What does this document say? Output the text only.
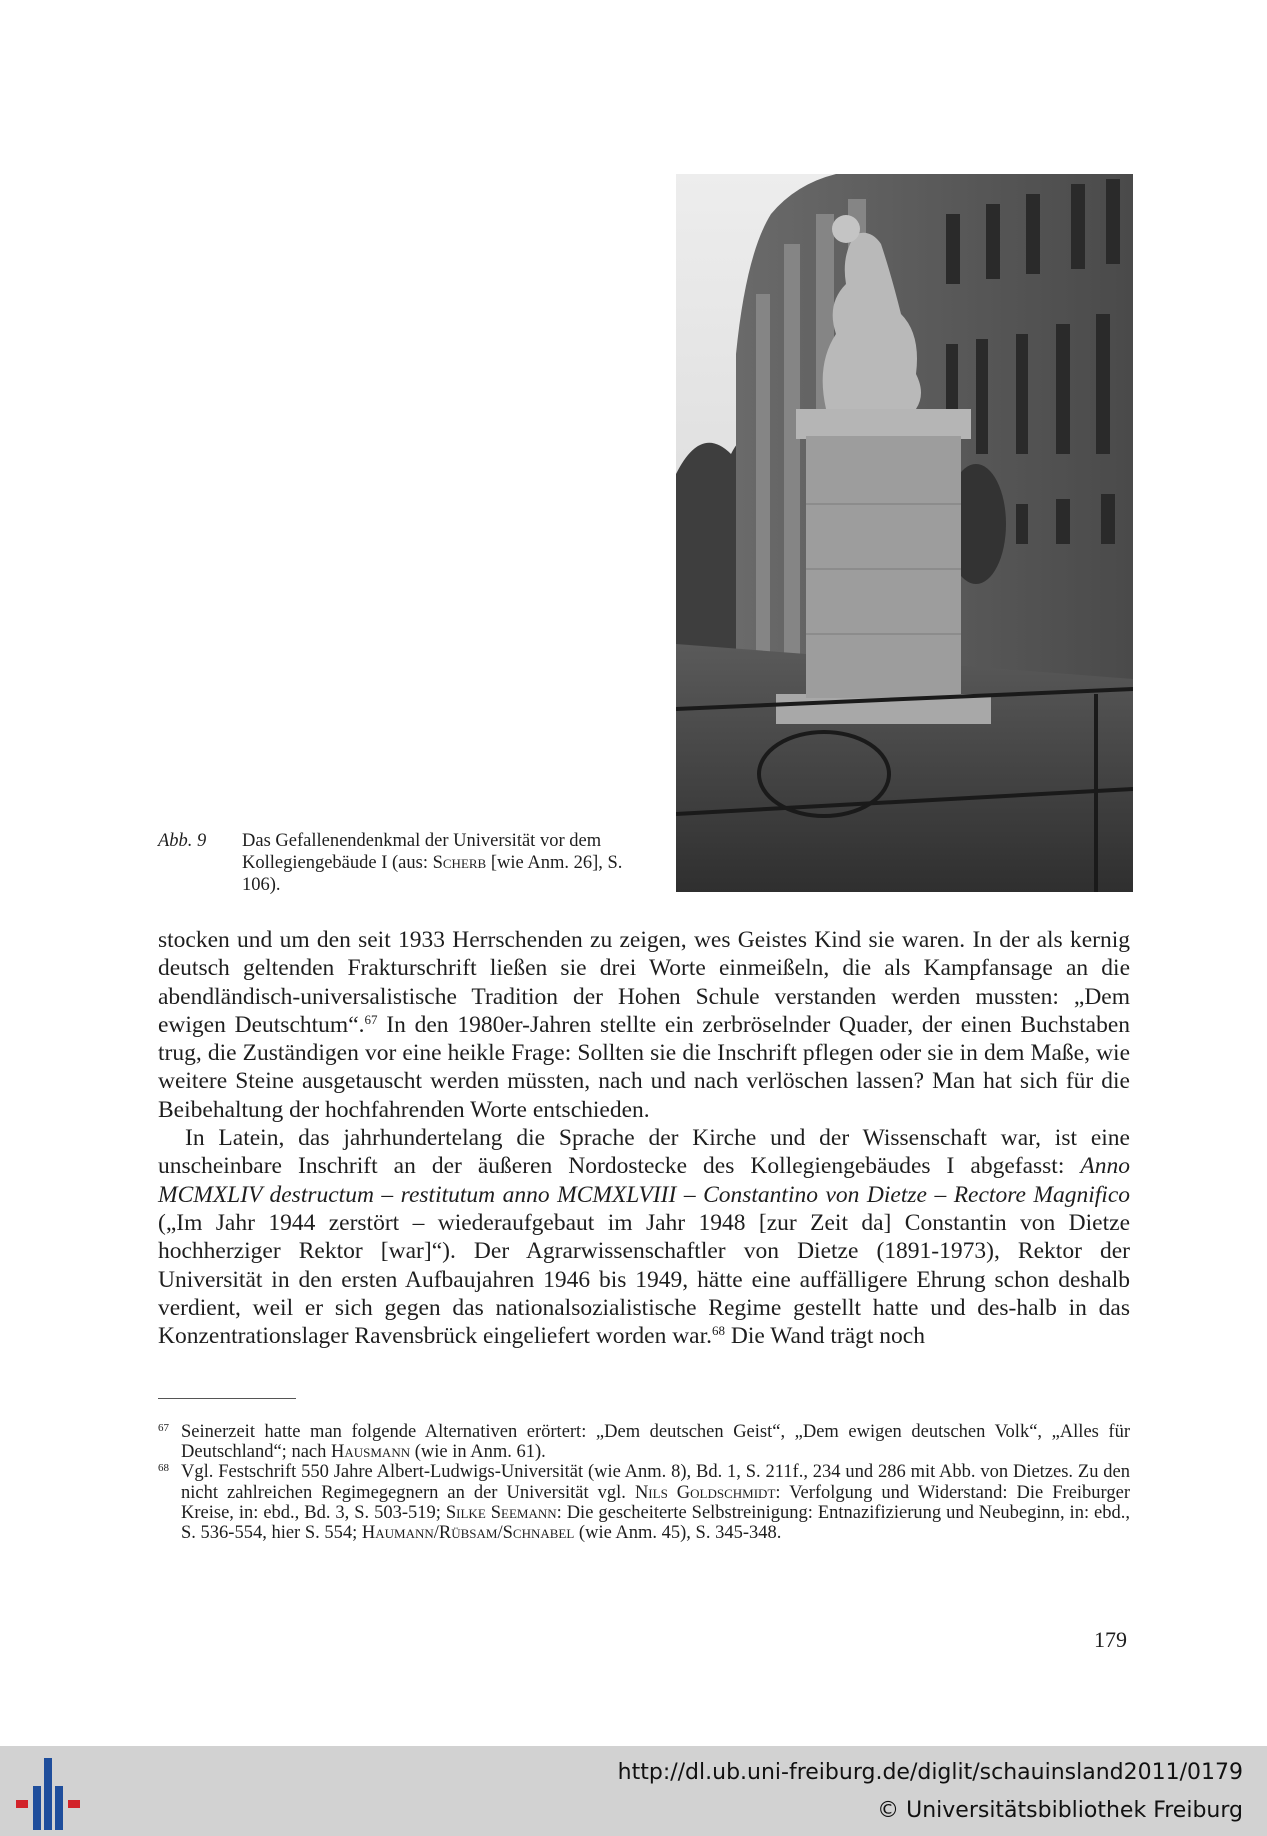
Abb. 9 Das Gefallenendenkmal der Universität vor dem Kollegiengebäude I (aus: Scherb [wie Anm. 26], S. 106).

stocken und um den seit 1933 Herrschenden zu zeigen, wes Geistes Kind sie waren. In der als kernig deutsch geltenden Frakturschrift ließen sie drei Worte einmeißeln, die als Kampfansage an die abendländisch-universalistische Tradition der Hohen Schule verstanden werden mussten: „Dem ewigen Deutschtum“.$^{67}$ In den 1980er-Jahren stellte ein zerbröselnder Quader, der einen Buchstaben trug, die Zuständigen vor eine heikle Frage: Sollten sie die Inschrift pflegen oder sie in dem Maße, wie weitere Steine ausgetauscht werden müssten, nach und nach verlöschen lassen? Man hat sich für die Beibehaltung der hochfahrenden Worte entschieden.

In Latein, das jahrhundertelang die Sprache der Kirche und der Wissenschaft war, ist eine unscheinbare Inschrift an der äußeren Nordostecke des Kollegiengebäudes I abgefasst: Anno MCMXLIV destructum – restitutum anno MCMXLVIII – Constantino von Dietze – Rectore Magnifico („Im Jahr 1944 zerstört – wiederaufgebaut im Jahr 1948 [zur Zeit da] Constantin von Dietze hochherziger Rektor [war]“). Der Agrarwissenschaftler von Dietze (1891-1973), Rektor der Universität in den ersten Aufbaujahren 1946 bis 1949, hätte eine auffälligere Ehrung schon deshalb verdient, weil er sich gegen das nationalsozialistische Regime gestellt hatte und des-halb in das Konzentrationslager Ravensbrück eingeliefert worden war.$^{68}$ Die Wand trägt noch

67 Seinerzeit hatte man folgende Alternativen erörtert: „Dem deutschen Geist“, „Dem ewigen deutschen Volk“, „Alles für Deutschland“; nach Hausmann (wie in Anm. 61).

68 Vgl. Festschrift 550 Jahre Albert-Ludwigs-Universität (wie Anm. 8), Bd. 1, S. 211f., 234 und 286 mit Abb. von Dietzes. Zu den nicht zahlreichen Regimegegnern an der Universität vgl. Nils Goldschmidt: Verfolgung und Widerstand: Die Freiburger Kreise, in: ebd., Bd. 3, S. 503-519; Silke Seemann: Die gescheiterte Selbstreinigung: Entnazifizierung und Neubeginn, in: ebd., S. 536-554, hier S. 554; Haumann/Rübsam/Schnabel (wie Anm. 45), S. 345-348.

179
http://dl.ub.uni-freiburg.de/diglit/schauinsland2011/0179
© Universitätsbibliothek Freiburg
